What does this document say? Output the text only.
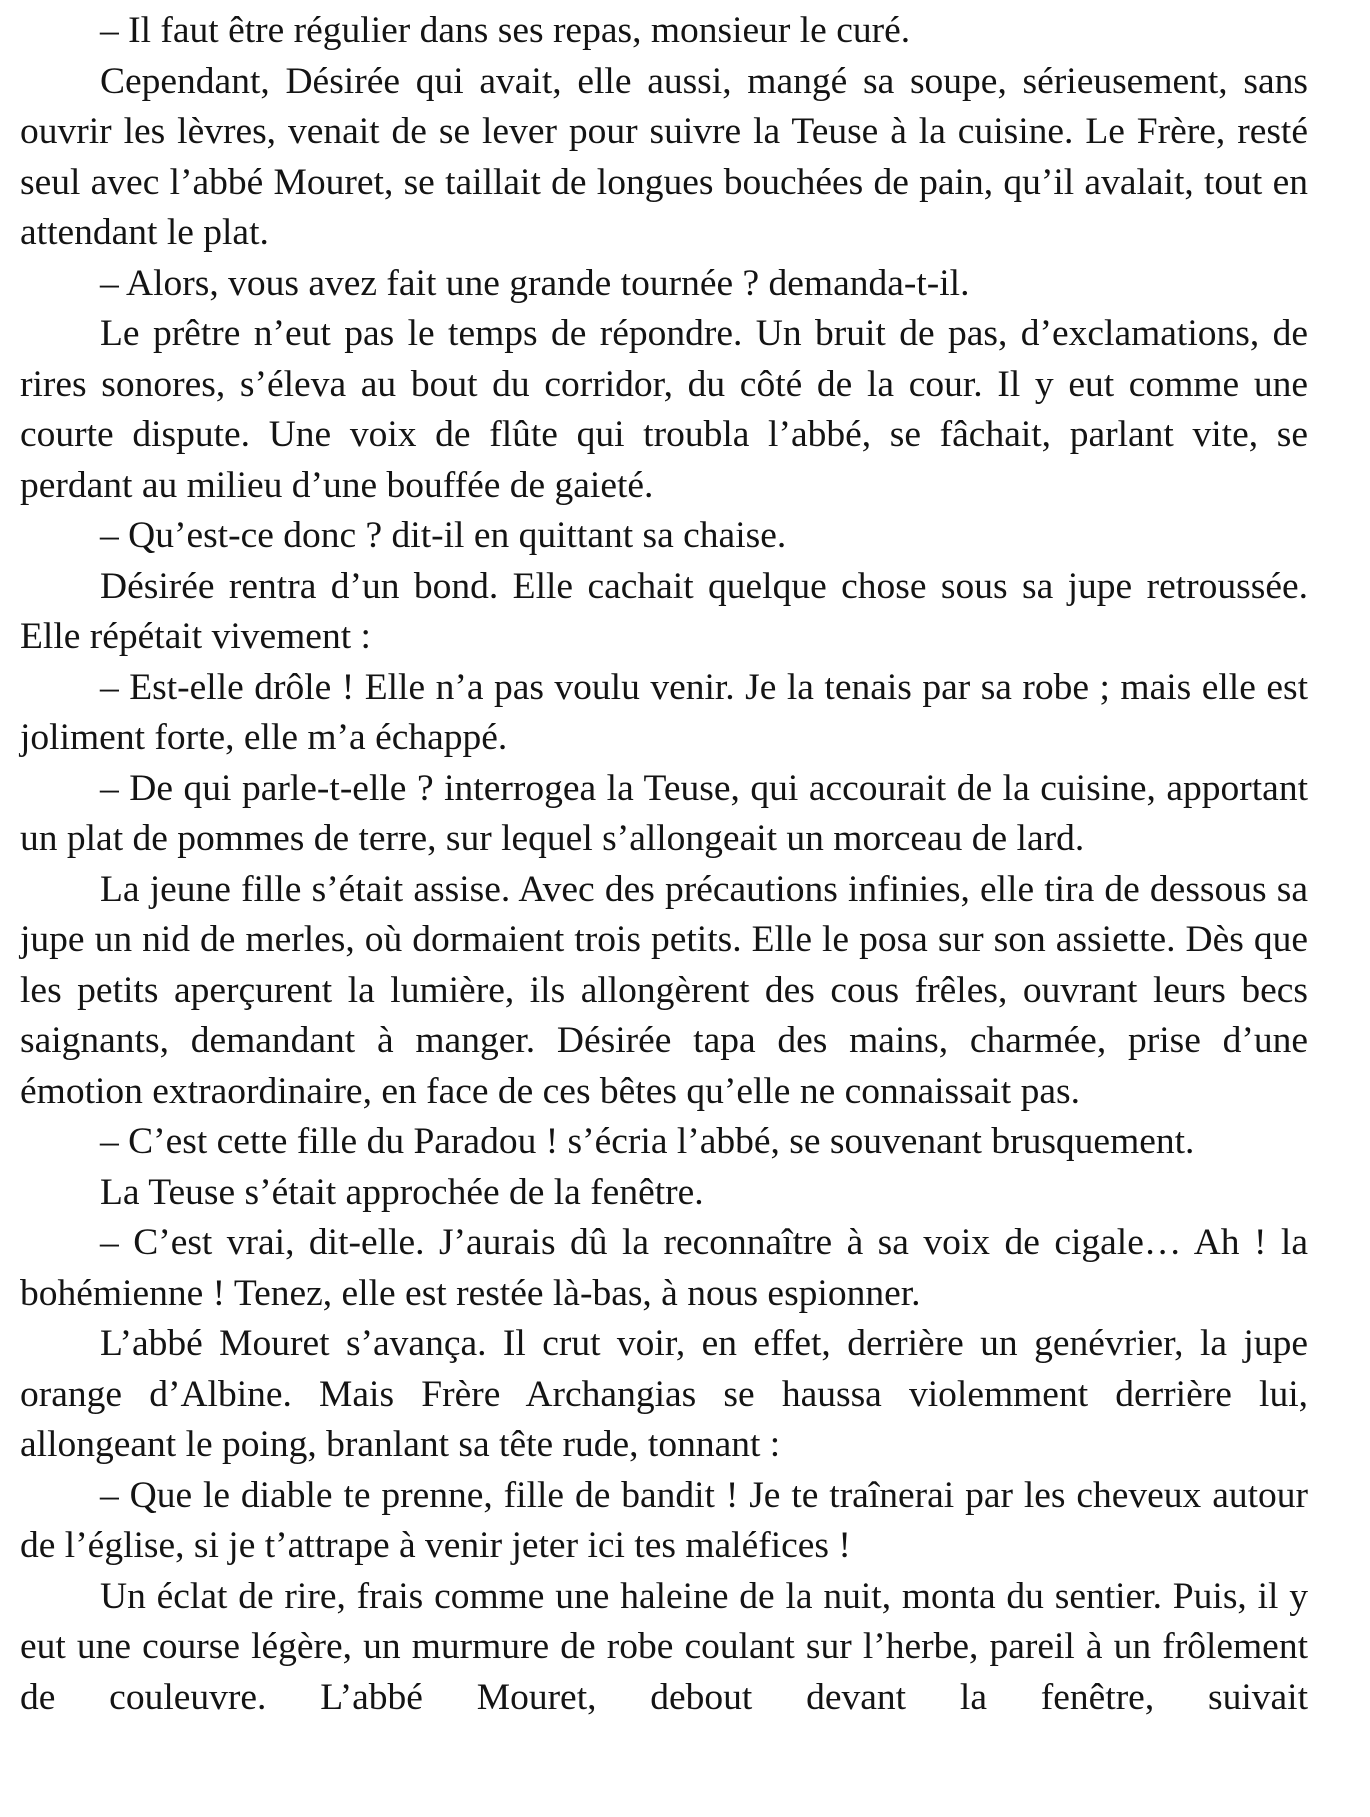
– Il faut être régulier dans ses repas, monsieur le curé.

Cependant, Désirée qui avait, elle aussi, mangé sa soupe, sérieusement, sans ouvrir les lèvres, venait de se lever pour suivre la Teuse à la cuisine. Le Frère, resté seul avec l’abbé Mouret, se taillait de longues bouchées de pain, qu’il avalait, tout en attendant le plat.

– Alors, vous avez fait une grande tournée ? demanda-t-il.

Le prêtre n’eut pas le temps de répondre. Un bruit de pas, d’exclamations, de rires sonores, s’éleva au bout du corridor, du côté de la cour. Il y eut comme une courte dispute. Une voix de flûte qui troubla l’abbé, se fâchait, parlant vite, se perdant au milieu d’une bouffée de gaieté.

– Qu’est-ce donc ? dit-il en quittant sa chaise.

Désirée rentra d’un bond. Elle cachait quelque chose sous sa jupe retroussée. Elle répétait vivement :

– Est-elle drôle ! Elle n’a pas voulu venir. Je la tenais par sa robe ; mais elle est joliment forte, elle m’a échappé.

– De qui parle-t-elle ? interrogea la Teuse, qui accourait de la cuisine, apportant un plat de pommes de terre, sur lequel s’allongeait un morceau de lard.

La jeune fille s’était assise. Avec des précautions infinies, elle tira de dessous sa jupe un nid de merles, où dormaient trois petits. Elle le posa sur son assiette. Dès que les petits aperçurent la lumière, ils allongèrent des cous frêles, ouvrant leurs becs saignants, demandant à manger. Désirée tapa des mains, charmée, prise d’une émotion extraordinaire, en face de ces bêtes qu’elle ne connaissait pas.

– C’est cette fille du Paradou ! s’écria l’abbé, se souvenant brusquement.

La Teuse s’était approchée de la fenêtre.

– C’est vrai, dit-elle. J’aurais dû la reconnaître à sa voix de cigale… Ah ! la bohémienne ! Tenez, elle est restée là-bas, à nous espionner.

L’abbé Mouret s’avança. Il crut voir, en effet, derrière un genévrier, la jupe orange d’Albine. Mais Frère Archangias se haussa violemment derrière lui, allongeant le poing, branlant sa tête rude, tonnant :

– Que le diable te prenne, fille de bandit ! Je te traînerai par les cheveux autour de l’église, si je t’attrape à venir jeter ici tes maléfices !

Un éclat de rire, frais comme une haleine de la nuit, monta du sentier. Puis, il y eut une course légère, un murmure de robe coulant sur l’herbe, pareil à un frôlement de couleuvre. L’abbé Mouret, debout devant la fenêtre, suivait
